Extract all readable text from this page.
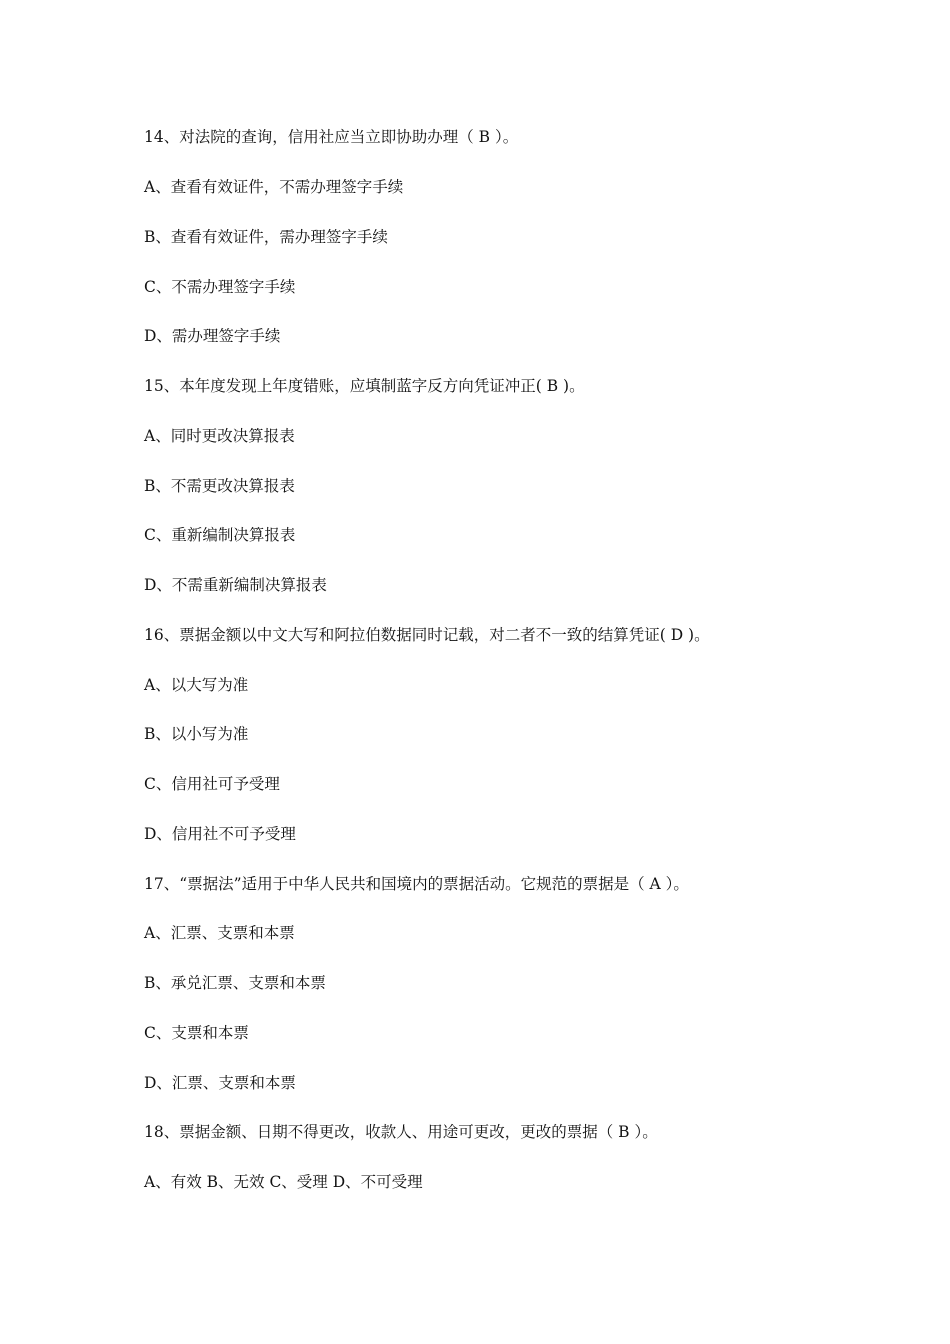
14、对法院的查询，信用社应当立即协助办理（ B ）。
A、查看有效证件，不需办理签字手续
B、查看有效证件，需办理签字手续
C、不需办理签字手续
D、需办理签字手续
15、本年度发现上年度错账，应填制蓝字反方向凭证冲正( B )。
A、同时更改决算报表
B、不需更改决算报表
C、重新编制决算报表
D、不需重新编制决算报表
16、票据金额以中文大写和阿拉伯数据同时记载，对二者不一致的结算凭证( D )。
A、以大写为准
B、以小写为准
C、信用社可予受理
D、信用社不可予受理
17、“票据法”适用于中华人民共和国境内的票据活动。它规范的票据是（ A ）。
A、汇票、支票和本票
B、承兑汇票、支票和本票
C、支票和本票
D、汇票、支票和本票
18、票据金额、日期不得更改，收款人、用途可更改，更改的票据（ B ）。
A、有效 B、无效 C、受理 D、不可受理
